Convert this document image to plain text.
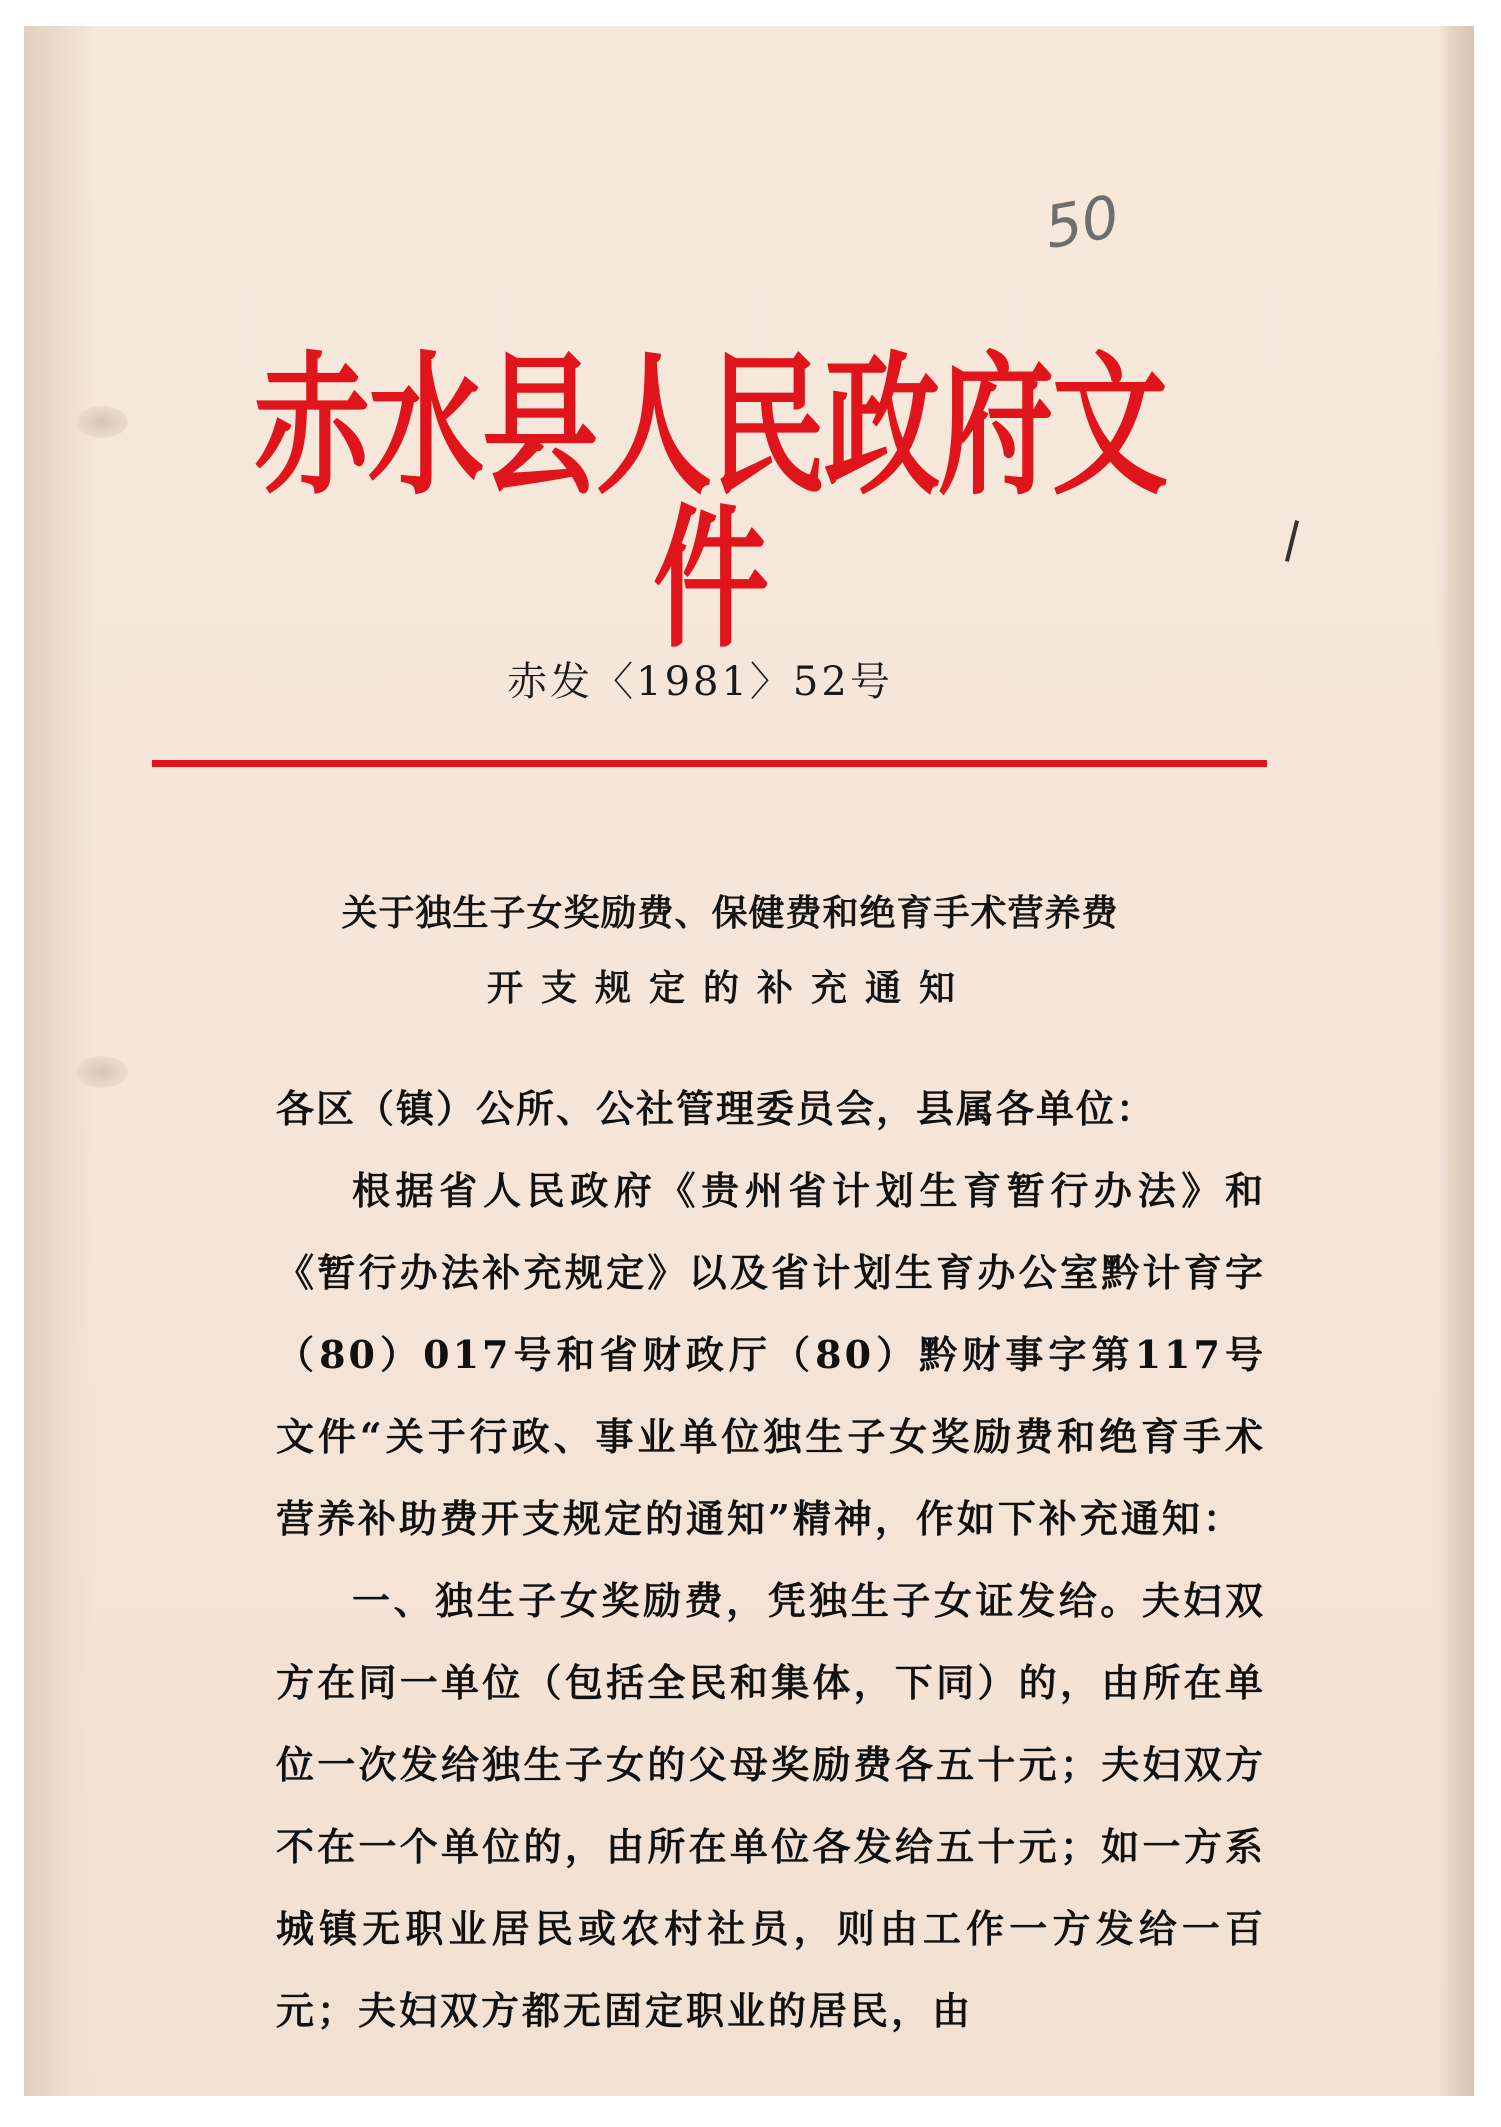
50
赤水县人民政府文件
赤发〈1981〉52号
关于独生子女奖励费、保健费和绝育手术营养费
开支规定的补充通知
各区（镇）公所、公社管理委员会，县属各单位：

根据省人民政府《贵州省计划生育暂行办法》和《暂行办法补充规定》以及省计划生育办公室黔计育字（80）017号和省财政厅（80）黔财事字第117号文件“关于行政、事业单位独生子女奖励费和绝育手术营养补助费开支规定的通知”精神，作如下补充通知：

一、独生子女奖励费，凭独生子女证发给。夫妇双方在同一单位（包括全民和集体，下同）的，由所在单位一次发给独生子女的父母奖励费各五十元；夫妇双方不在一个单位的，由所在单位各发给五十元；如一方系城镇无职业居民或农村社员，则由工作一方发给一百元；夫妇双方都无固定职业的居民，由
